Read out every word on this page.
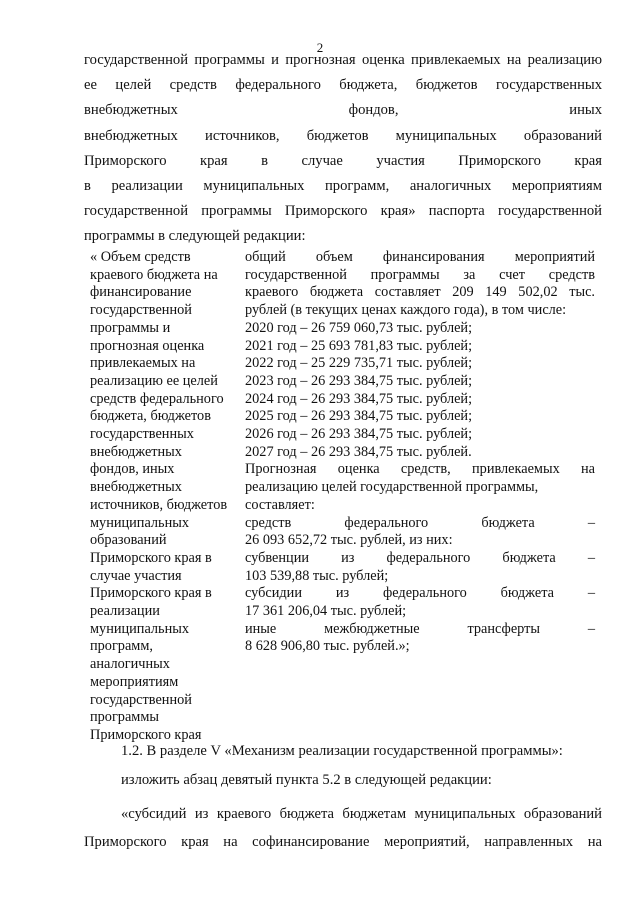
2
государственной программы и прогнозная оценка привлекаемых на реализацию
ее целей средств федерального бюджета, бюджетов государственных
внебюджетных фондов, иных
внебюджетных источников, бюджетов муниципальных образований
Приморского края в случае участия Приморского края
в реализации муниципальных программ, аналогичных мероприятиям
государственной программы Приморского края» паспорта государственной
программы в следующей редакции:
« Объем средств
краевого бюджета на
финансирование
государственной
программы и
прогнозная оценка
привлекаемых на
реализацию ее целей
средств федерального
бюджета, бюджетов
государственных
внебюджетных
фондов, иных
внебюджетных
источников, бюджетов
муниципальных
образований
Приморского края в
случае участия
Приморского края в
реализации
муниципальных
программ,
аналогичных
мероприятиям
государственной
программы
Приморского края
общий объем финансирования мероприятий
государственной программы за счет средств
краевого бюджета составляет 209 149 502,02 тыс.
рублей (в текущих ценах каждого года), в том числе:
2020 год – 26 759 060,73 тыс. рублей;
2021 год – 25 693 781,83 тыс. рублей;
2022 год – 25 229 735,71 тыс. рублей;
2023 год – 26 293 384,75 тыс. рублей;
2024 год – 26 293 384,75 тыс. рублей;
2025 год – 26 293 384,75 тыс. рублей;
2026 год – 26 293 384,75 тыс. рублей;
2027 год – 26 293 384,75 тыс. рублей.
Прогнозная оценка средств, привлекаемых на
реализацию целей государственной программы,
составляет:
средств федерального бюджета –
26 093 652,72 тыс. рублей, из них:
субвенции из федерального бюджета –
103 539,88 тыс. рублей;
субсидии из федерального бюджета –
17 361 206,04 тыс. рублей;
иные межбюджетные трансферты –
8 628 906,80 тыс. рублей.»;
1.2. В разделе V «Механизм реализации государственной программы»:
изложить абзац девятый пункта 5.2 в следующей редакции:
«субсидий из краевого бюджета бюджетам муниципальных образований
Приморского края на софинансирование мероприятий, направленных на
